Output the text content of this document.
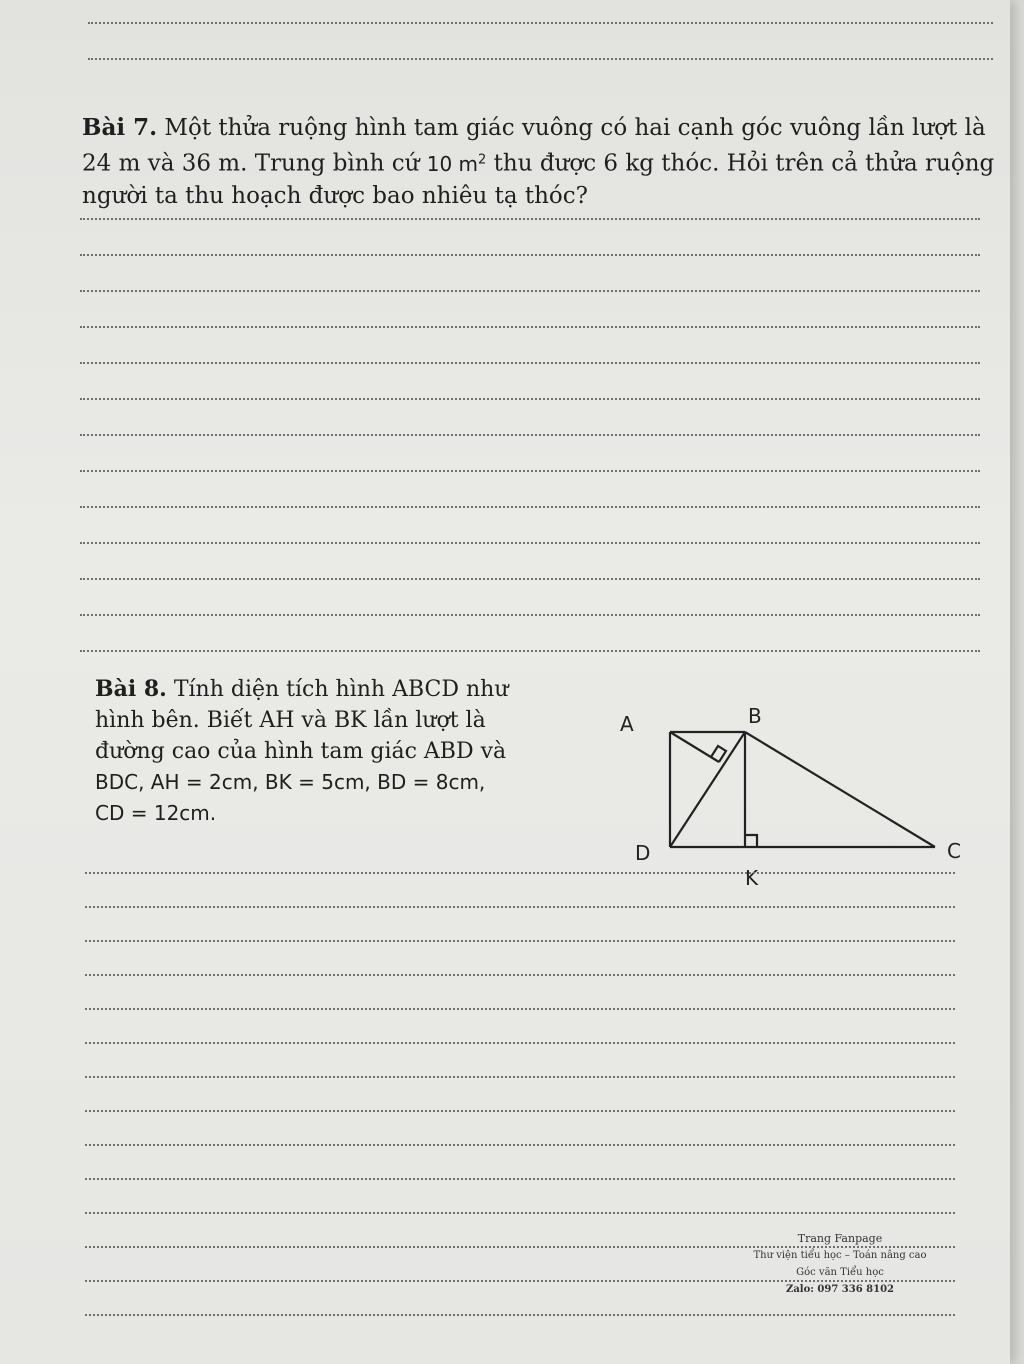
Bài 7. Một thửa ruộng hình tam giác vuông có hai cạnh góc vuông lần lượt là 24 m và 36 m. Trung bình cứ 10 $m^2$ thu được 6 kg thóc. Hỏi trên cả thửa ruộng người ta thu hoạch được bao nhiêu tạ thóc?
Bài 8. Tính diện tích hình ABCD như hình bên. Biết AH và BK lần lượt là đường cao của hình tam giác ABD và BDC, AH = 2cm, BK = 5cm, BD = 8cm, CD = 12cm.
A	B
C
D
K
Trang Fanpage
Thư viện tiểu học – Toán nâng cao
Góc văn Tiểu học
Zalo: 097 336 8102
